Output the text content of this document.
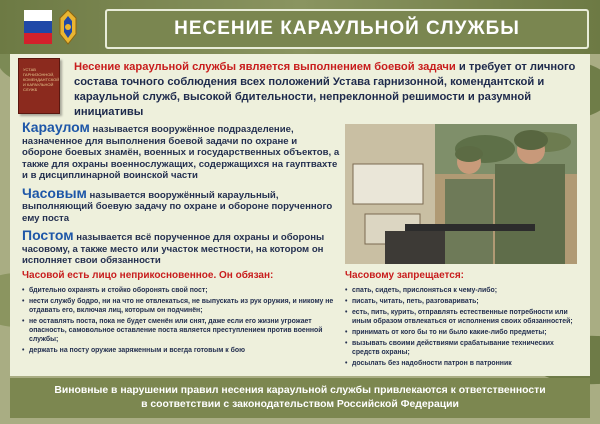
НЕСЕНИЕ КАРАУЛЬНОЙ СЛУЖБЫ
УСТАВ ГАРНИЗОННОЙ, КОМЕНДАНТСКОЙ И КАРАУЛЬНОЙ СЛУЖБ
Несение караульной службы является выполнением боевой задачи и требует от личного состава точного соблюдения всех положений Устава гарнизонной, комендантской и караульной служб, высокой бдительности, непреклонной решимости и разумной инициативы

Караулом называется вооружённое подразделение, назначенное для выполнения боевой задачи по охране и обороне боевых знамён, военных и государственных объектов, а также для охраны военнослужащих, содержащихся на гауптвахте и в дисциплинарной воинской части

Часовым называется вооружённый караульный, выполняющий боевую задачу по охране и обороне порученного ему поста

Постом называется всё порученное для охраны и обороны часовому, а также место или участок местности, на котором он исполняет свои обязанности

Часовой есть лицо неприкосновенное. Он обязан:
• бдительно охранять и стойко оборонять свой пост;
• нести службу бодро, ни на что не отвлекаться, не выпускать из рук оружия, и никому не отдавать его, включая лиц, которым он подчинён;
• не оставлять поста, пока не будет сменён или снят, даже если его жизни угрожает опасность, самовольное оставление поста является преступлением против военной службы;
• держать на посту оружие заряженным и всегда готовым к бою
Часовому запрещается:
• спать, сидеть, прислоняться к чему-либо;
• писать, читать, петь, разговаривать;
• есть, пить, курить, отправлять естественные потребности или иным образом отвлекаться от исполнения своих обязанностей;
• принимать от кого бы то ни было какие-либо предметы;
• вызывать своими действиями срабатывание технических средств охраны;
• досылать без надобности патрон в патронник
Виновные в нарушении правил несения караульной службы привлекаются к ответственности
в соответствии с законодательством Российской Федерации
